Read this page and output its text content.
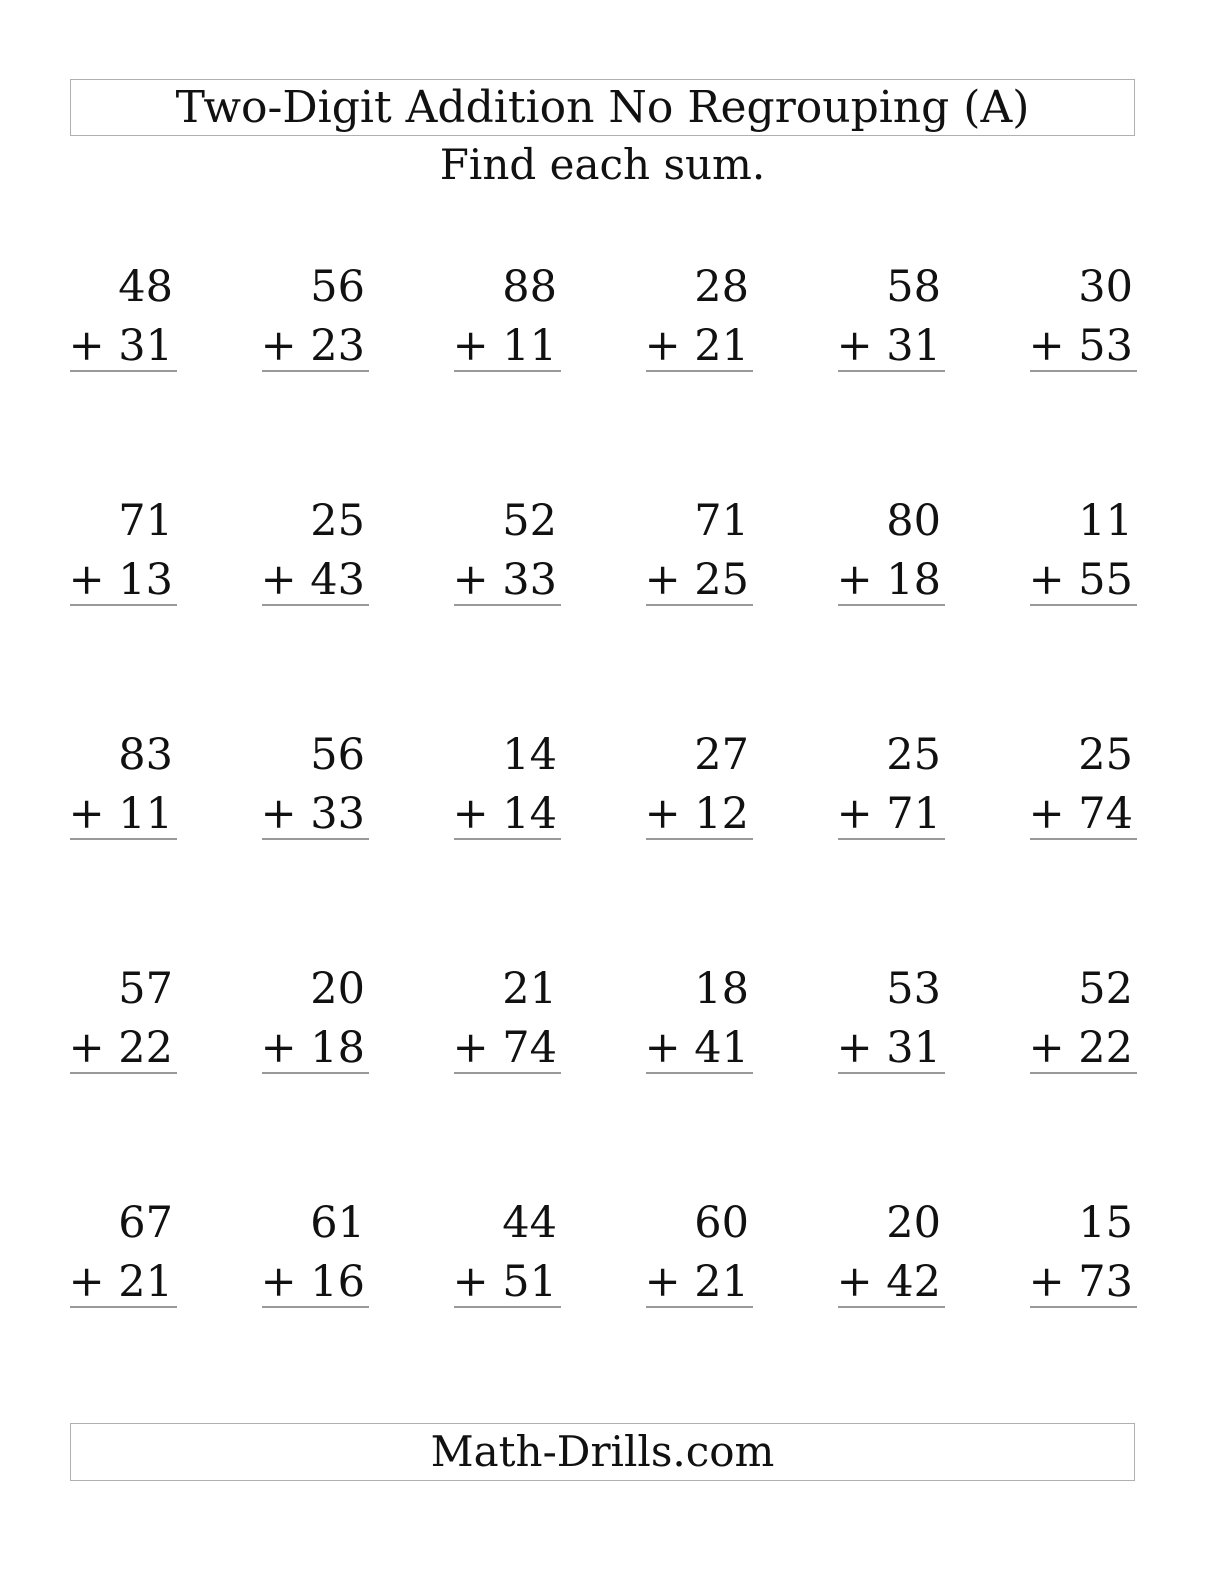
Two-Digit Addition No Regrouping (A)
Find each sum.
48
+ 31
56
+ 23
88
+ 11
28
+ 21
58
+ 31
30
+ 53
71
+ 13
25
+ 43
52
+ 33
71
+ 25
80
+ 18
11
+ 55
83
+ 11
56
+ 33
14
+ 14
27
+ 12
25
+ 71
25
+ 74
57
+ 22
20
+ 18
21
+ 74
18
+ 41
53
+ 31
52
+ 22
67
+ 21
61
+ 16
44
+ 51
60
+ 21
20
+ 42
15
+ 73
Math-Drills.com
